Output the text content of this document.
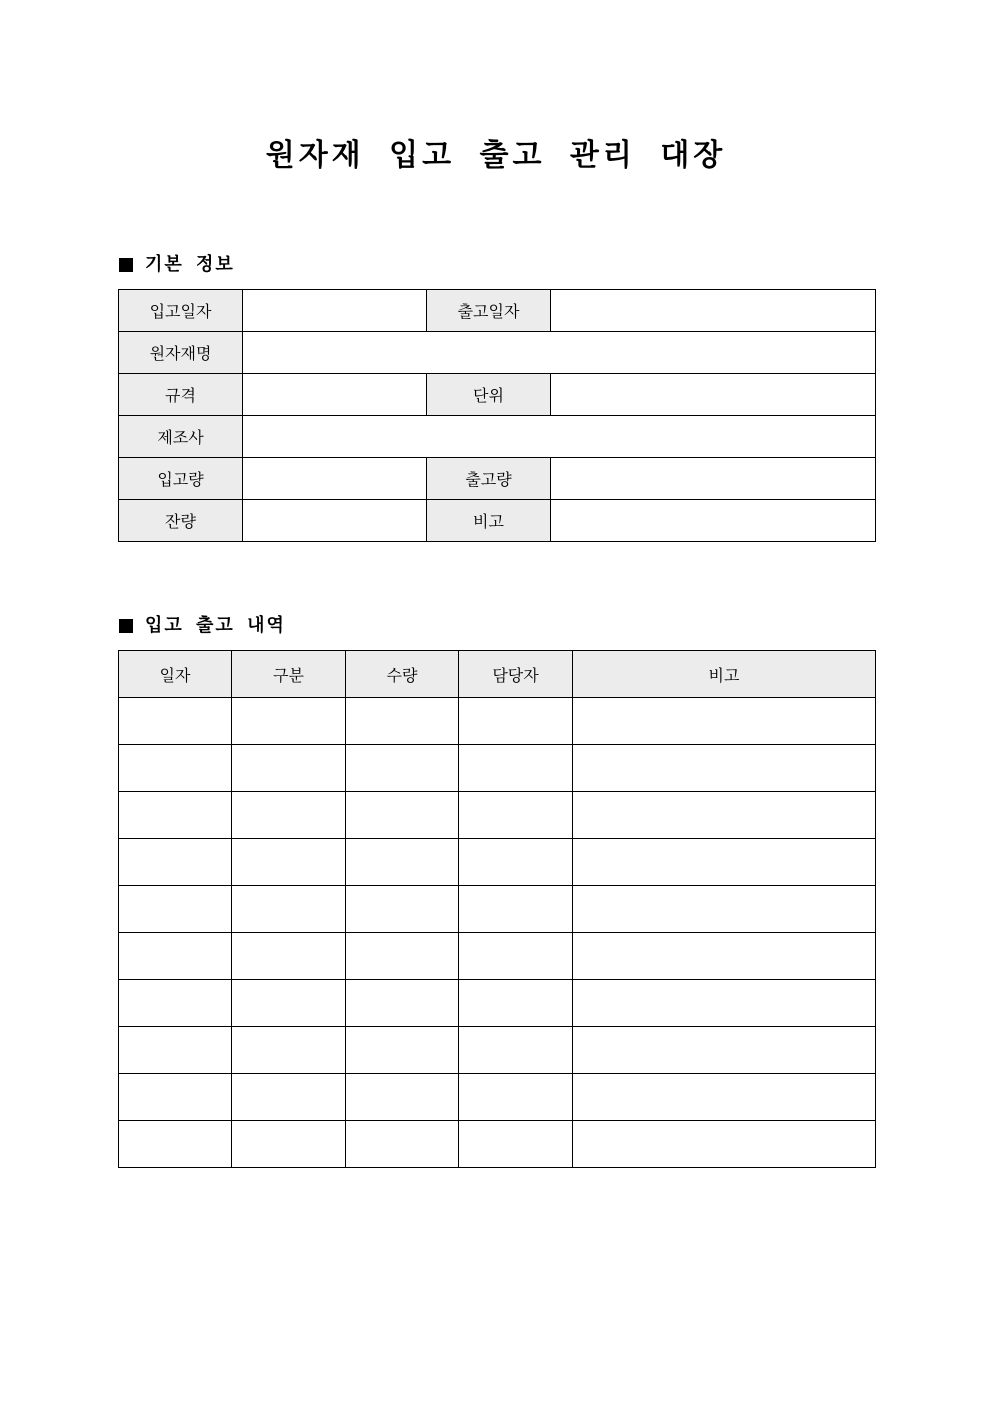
원자재 입고 출고 관리 대장
기본 정보
입고일자		출고일자	
원자재명			
규격		단위	
제조사			
입고량		출고량	
잔량		비고	
입고 출고 내역
일자	구분	수량	담당자	비고
